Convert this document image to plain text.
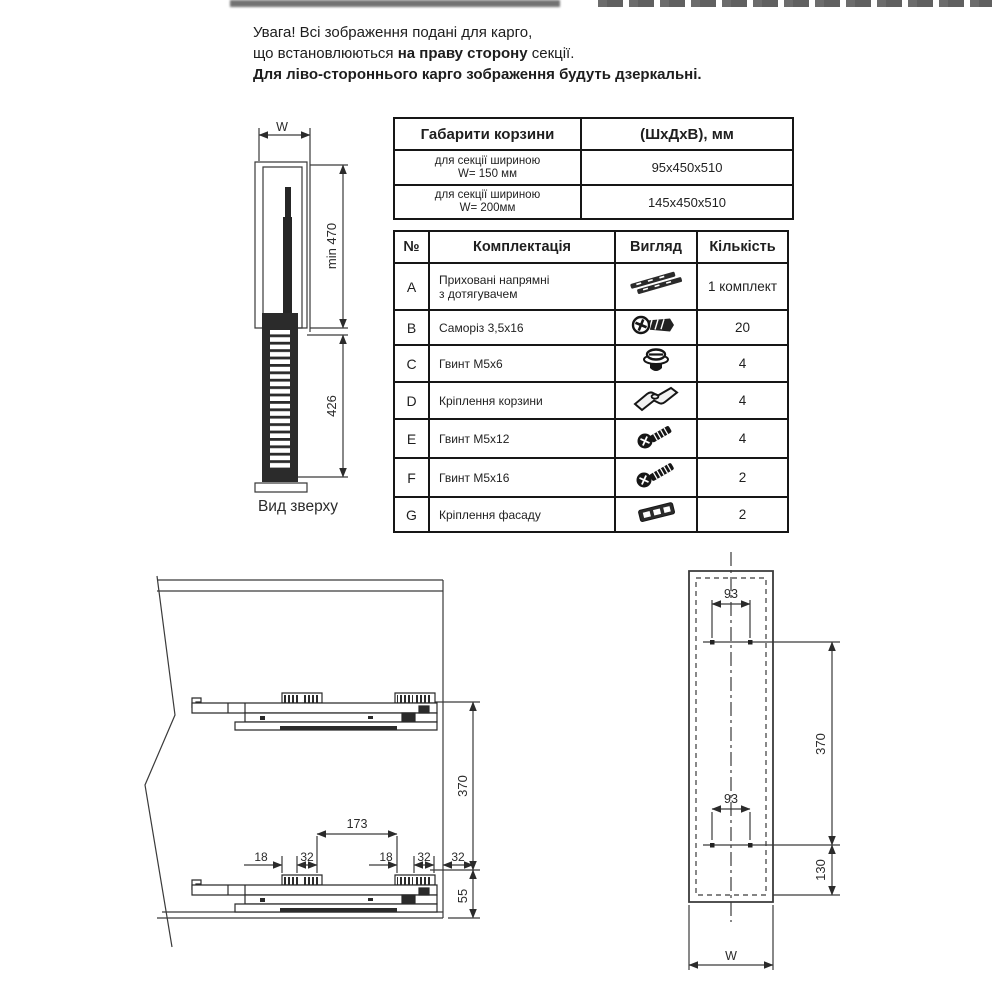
Увага! Всі зображення подані для карго,
що встановлюються на праву сторону секції.
Для ліво-стороннього карго зображення будуть дзеркальні.
Габарити корзини	(ШхДхВ), мм

для секції шириною
W= 150 мм	95x450x510

для секції шириною
W= 200мм	145x450x510
№	Комплектація	Вигляд	Кількість
A	Приховані напрямні
з дотягувачем		1 комплект
B	Саморіз 3,5х16		20
C	Гвинт М5х6		4
D	Кріплення корзини		4
E	Гвинт М5х12		4
F	Гвинт М5х16		2
G	Кріплення фасаду		2
W
min 470
426
Вид зверху
370
173
18	32	18 32 32
55
93
93
370
130
W
